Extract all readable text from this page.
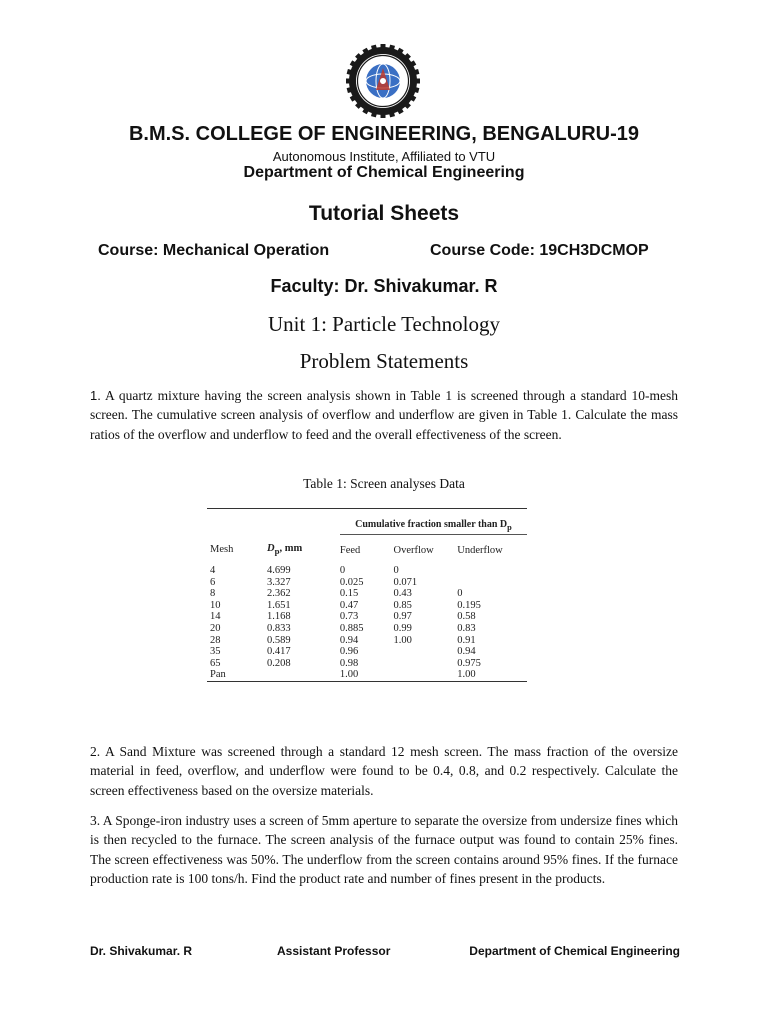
B.M.S. COLLEGE OF ENGINEERING, BENGALURU-19
Autonomous Institute, Affiliated to VTU
Department of Chemical Engineering
Tutorial Sheets
Course: Mechanical Operation	Course Code: 19CH3DCMOP
Faculty: Dr. Shivakumar. R
Unit 1: Particle Technology
Problem Statements
1. A quartz mixture having the screen analysis shown in Table 1 is screened through a standard 10-mesh screen. The cumulative screen analysis of overflow and underflow are given in Table 1. Calculate the mass ratios of the overflow and underflow to feed and the overall effectiveness of the screen.
Table 1: Screen analyses Data

		Cumulative fraction smaller than $D_p$
Mesh	$D_p$, mm	Feed	Overflow	Underflow
4	4.699	0	0	
6	3.327	0.025	0.071	
8	2.362	0.15	0.43	0
10	1.651	0.47	0.85	0.195
14	1.168	0.73	0.97	0.58
20	0.833	0.885	0.99	0.83
28	0.589	0.94	1.00	0.91
35	0.417	0.96		0.94
65	0.208	0.98		0.975
Pan		1.00		1.00

2. A Sand Mixture was screened through a standard 12 mesh screen. The mass fraction of the oversize material in feed, overflow, and underflow were found to be 0.4, 0.8, and 0.2 respectively. Calculate the screen effectiveness based on the oversize materials.
3. A Sponge-iron industry uses a screen of 5mm aperture to separate the oversize from undersize fines which is then recycled to the furnace. The screen analysis of the furnace output was found to contain 25% fines. The screen effectiveness was 50%. The underflow from the screen contains around 95% fines. If the furnace production rate is 100 tons/h. Find the product rate and number of fines present in the products.
Dr. Shivakumar. R	Assistant Professor	Department of Chemical Engineering
